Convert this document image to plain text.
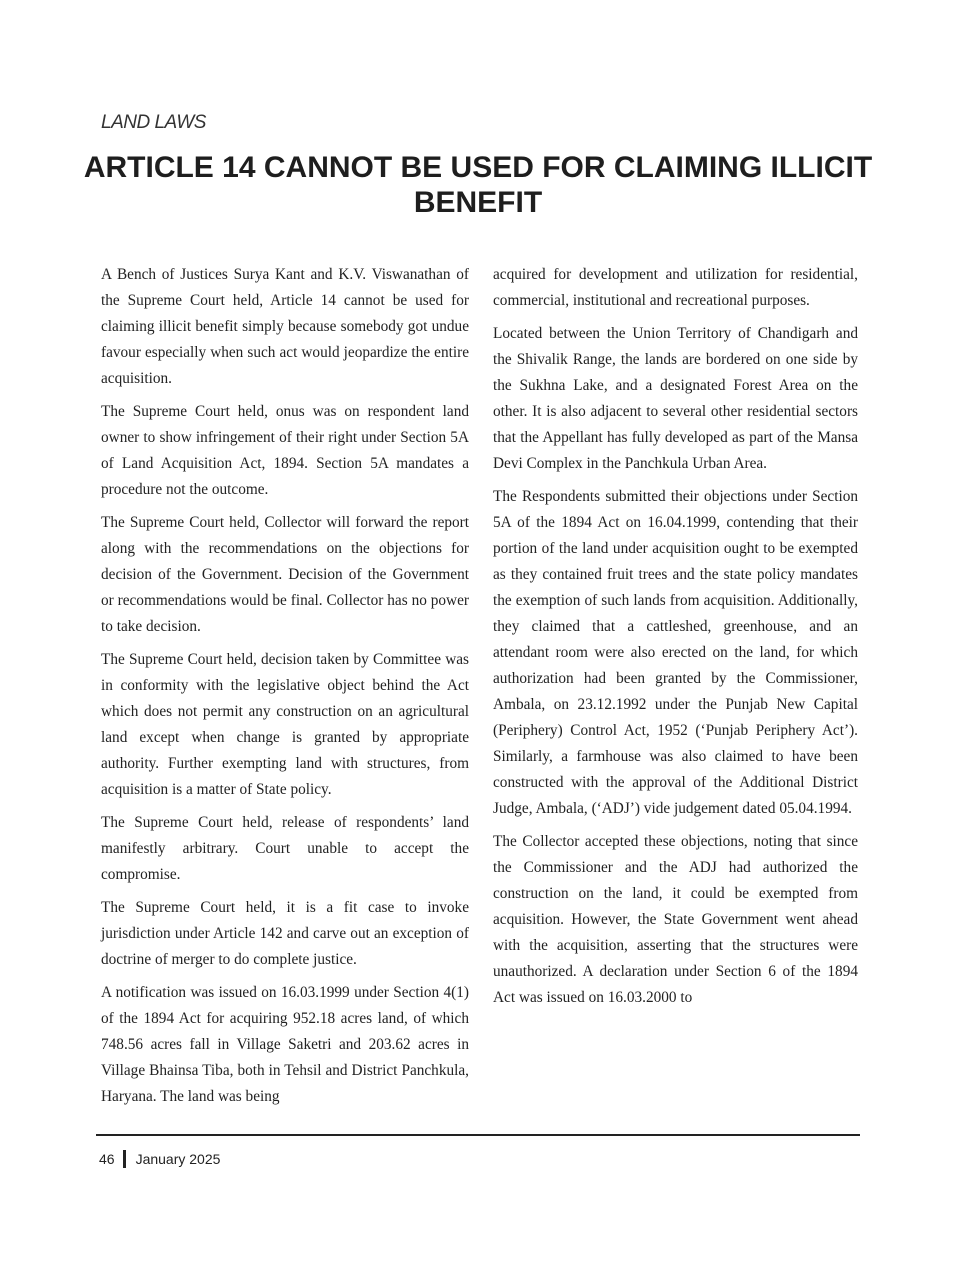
LAND LAWS
ARTICLE 14 CANNOT BE USED FOR CLAIMING ILLICIT BENEFIT

A Bench of Justices Surya Kant and K.V. Viswanathan of the Supreme Court held, Article 14 cannot be used for claiming illicit benefit simply because somebody got undue favour especially when such act would jeopardize the entire acquisition.

The Supreme Court held, onus was on respondent land owner to show infringement of their right under Section 5A of Land Acquisition Act, 1894. Section 5A mandates a procedure not the outcome.

The Supreme Court held, Collector will forward the report along with the recommendations on the objections for decision of the Government. Decision of the Government or recommendations would be final. Collector has no power to take decision.

The Supreme Court held, decision taken by Committee was in conformity with the legislative object behind the Act which does not permit any construction on an agricultural land except when change is granted by appropriate authority. Further exempting land with structures, from acquisition is a matter of State policy.

The Supreme Court held, release of respondents’ land manifestly arbitrary. Court unable to accept the compromise.

The Supreme Court held, it is a fit case to invoke jurisdiction under Article 142 and carve out an exception of doctrine of merger to do complete justice.

A notification was issued on 16.03.1999 under Section 4(1) of the 1894 Act for acquiring 952.18 acres land, of which 748.56 acres fall in Village Saketri and 203.62 acres in Village Bhainsa Tiba, both in Tehsil and District Panchkula, Haryana. The land was being

acquired for development and utilization for residential, commercial, institutional and recreational purposes.

Located between the Union Territory of Chandigarh and the Shivalik Range, the lands are bordered on one side by the Sukhna Lake, and a designated Forest Area on the other. It is also adjacent to several other residential sectors that the Appellant has fully developed as part of the Mansa Devi Complex in the Panchkula Urban Area.

The Respondents submitted their objections under Section 5A of the 1894 Act on 16.04.1999, contending that their portion of the land under acquisition ought to be exempted as they contained fruit trees and the state policy mandates the exemption of such lands from acquisition. Additionally, they claimed that a cattleshed, greenhouse, and an attendant room were also erected on the land, for which authorization had been granted by the Commissioner, Ambala, on 23.12.1992 under the Punjab New Capital (Periphery) Control Act, 1952 (‘Punjab Periphery Act’). Similarly, a farmhouse was also claimed to have been constructed with the approval of the Additional District Judge, Ambala, (‘ADJ’) vide judgement dated 05.04.1994.

The Collector accepted these objections, noting that since the Commissioner and the ADJ had authorized the construction on the land, it could be exempted from acquisition. However, the State Government went ahead with the acquisition, asserting that the structures were unauthorized. A declaration under Section 6 of the 1894 Act was issued on 16.03.2000 to

46 January 2025
